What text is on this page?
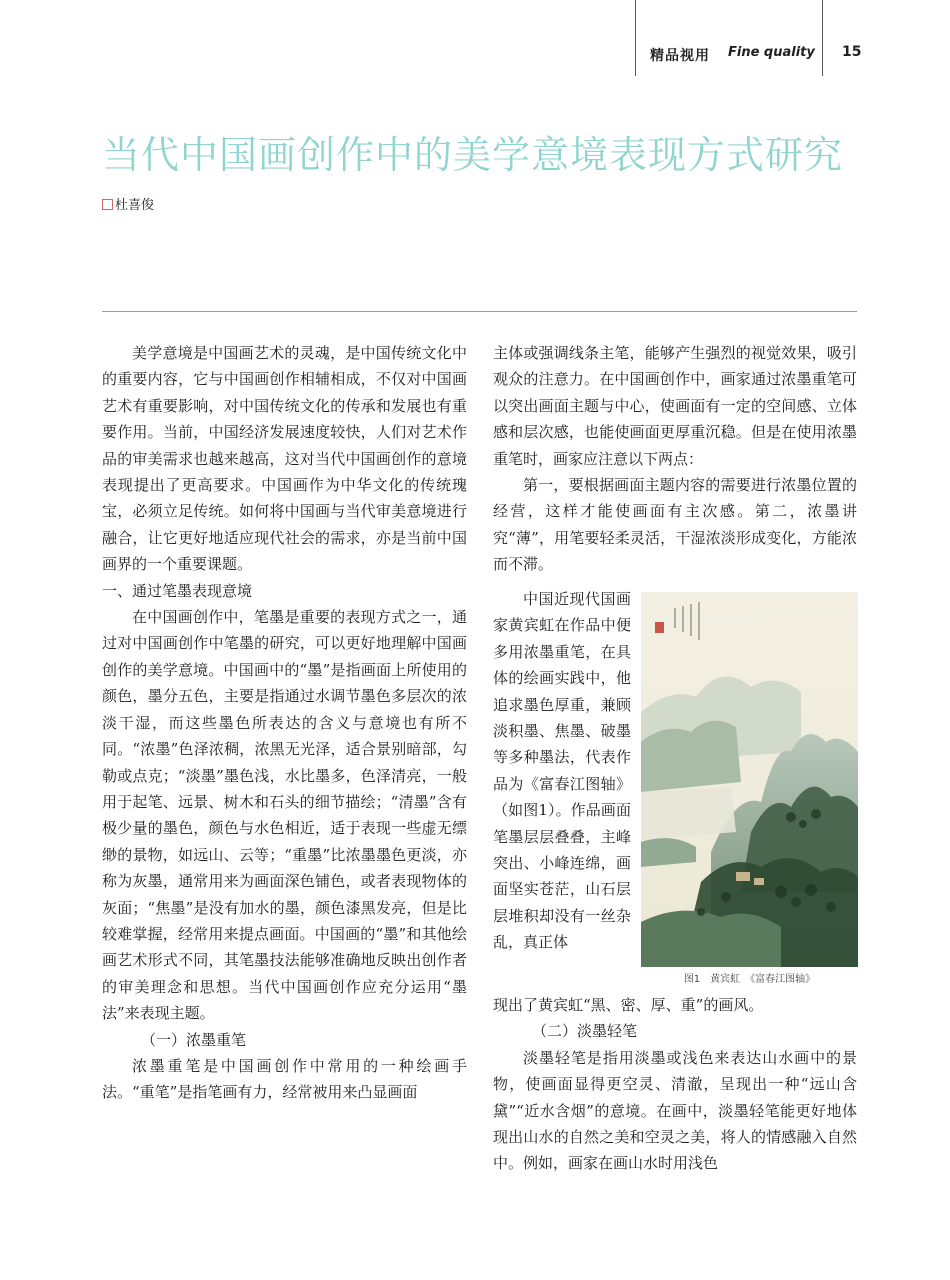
精品视用 Fine quality 15
当代中国画创作中的美学意境表现方式研究
杜喜俊

美学意境是中国画艺术的灵魂，是中国传统文化中的重要内容，它与中国画创作相辅相成，不仅对中国画艺术有重要影响，对中国传统文化的传承和发展也有重要作用。当前，中国经济发展速度较快，人们对艺术作品的审美需求也越来越高，这对当代中国画创作的意境表现提出了更高要求。中国画作为中华文化的传统瑰宝，必须立足传统。如何将中国画与当代审美意境进行融合，让它更好地适应现代社会的需求，亦是当前中国画界的一个重要课题。

一、通过笔墨表现意境

在中国画创作中，笔墨是重要的表现方式之一，通过对中国画创作中笔墨的研究，可以更好地理解中国画创作的美学意境。中国画中的“墨”是指画面上所使用的颜色，墨分五色，主要是指通过水调节墨色多层次的浓淡干湿，而这些墨色所表达的含义与意境也有所不同。“浓墨”色泽浓稠，浓黑无光泽，适合景别暗部，勾勒或点克；“淡墨”墨色浅，水比墨多，色泽清亮，一般用于起笔、远景、树木和石头的细节描绘；“清墨”含有极少量的墨色，颜色与水色相近，适于表现一些虚无缥缈的景物，如远山、云等；“重墨”比浓墨墨色更淡，亦称为灰墨，通常用来为画面深色铺色，或者表现物体的灰面；“焦墨”是没有加水的墨，颜色漆黑发亮，但是比较难掌握，经常用来提点画面。中国画的“墨”和其他绘画艺术形式不同，其笔墨技法能够准确地反映出创作者的审美理念和思想。当代中国画创作应充分运用“墨法”来表现主题。

（一）浓墨重笔

浓墨重笔是中国画创作中常用的一种绘画手法。“重笔”是指笔画有力，经常被用来凸显画面

主体或强调线条主笔，能够产生强烈的视觉效果，吸引观众的注意力。在中国画创作中，画家通过浓墨重笔可以突出画面主题与中心，使画面有一定的空间感、立体感和层次感，也能使画面更厚重沉稳。但是在使用浓墨重笔时，画家应注意以下两点：

第一，要根据画面主题内容的需要进行浓墨位置的经营，这样才能使画面有主次感。第二，浓墨讲究“薄”，用笔要轻柔灵活，干湿浓淡形成变化，方能浓而不滞。

中国近现代国画家黄宾虹在作品中便多用浓墨重笔，在具体的绘画实践中，他追求墨色厚重，兼顾淡积墨、焦墨、破墨等多种墨法，代表作品为《富春江图轴》（如图1）。作品画面笔墨层层叠叠，主峰突出、小峰连绵，画面坚实苍茫，山石层层堆积却没有一丝杂乱，真正体

图1　黄宾虹　《富春江图轴》

现出了黄宾虹“黑、密、厚、重”的画风。

（二）淡墨轻笔

淡墨轻笔是指用淡墨或浅色来表达山水画中的景物，使画面显得更空灵、清澈，呈现出一种“远山含黛”“近水含烟”的意境。在画中，淡墨轻笔能更好地体现出山水的自然之美和空灵之美，将人的情感融入自然中。例如，画家在画山水时用浅色
